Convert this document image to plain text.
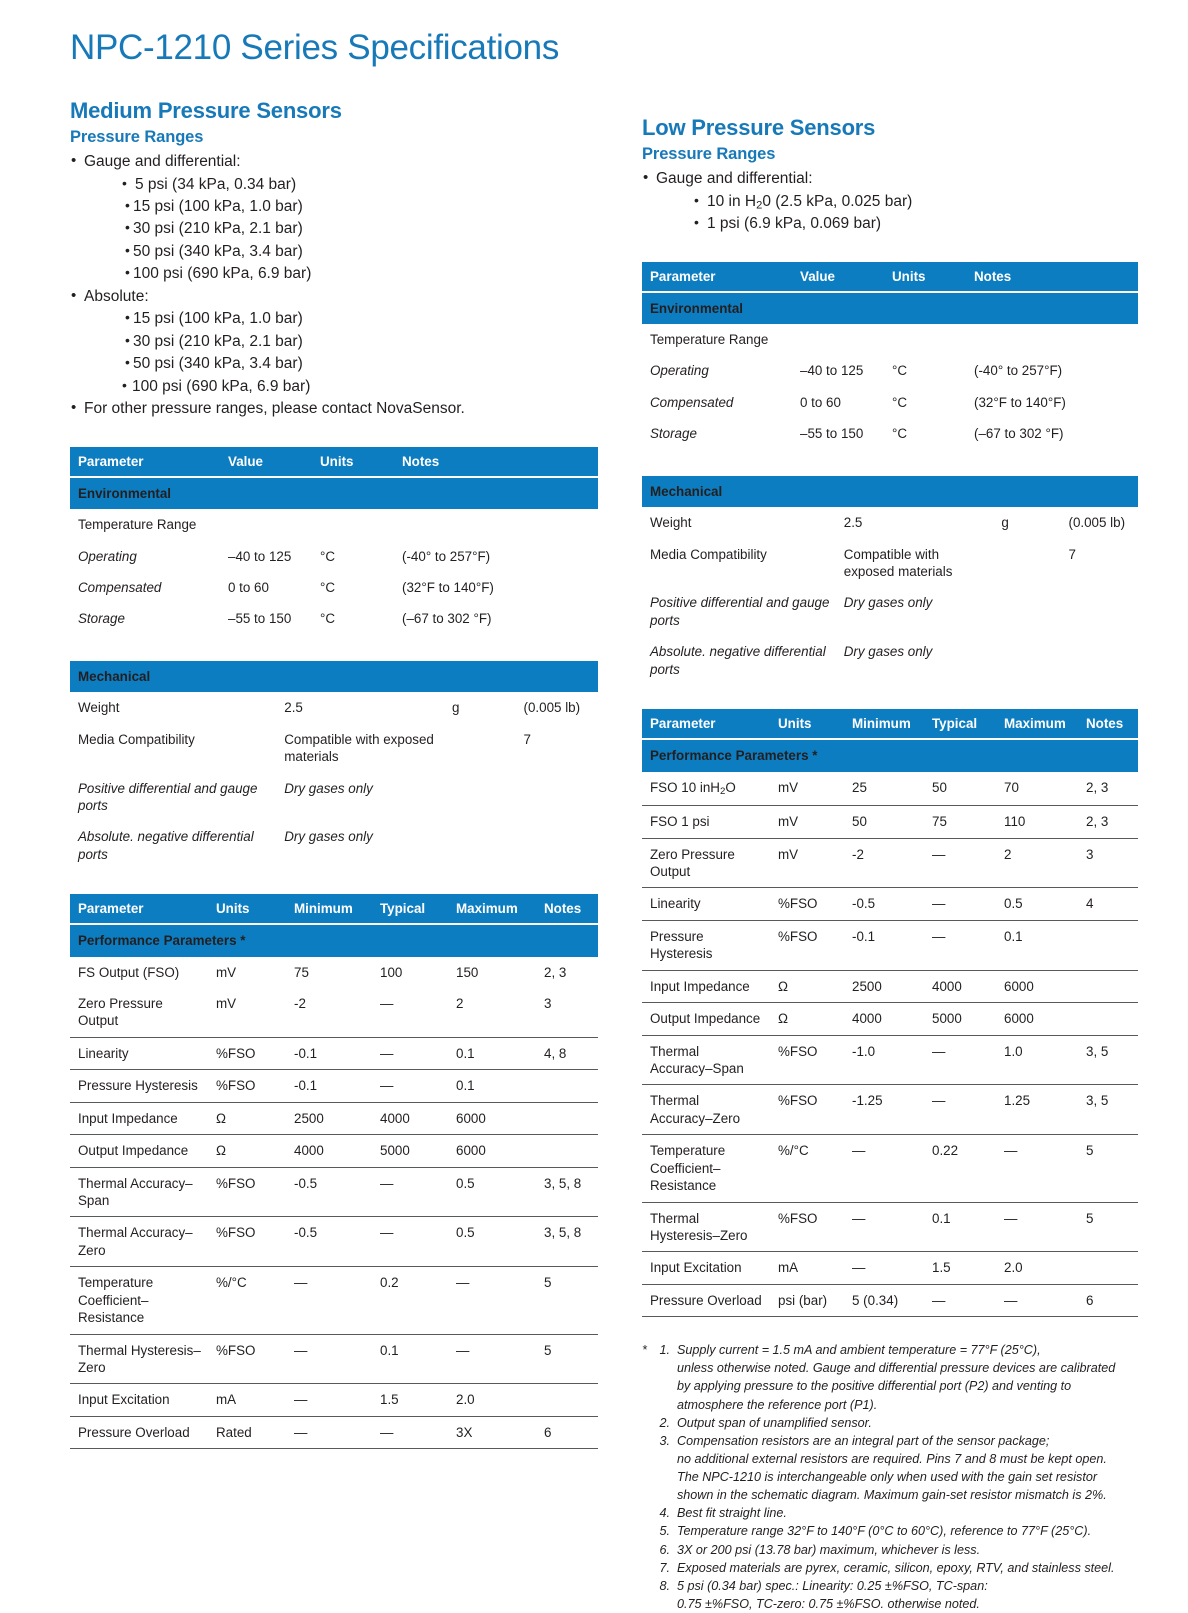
NPC-1210 Series Specifications
Medium Pressure Sensors
Pressure Ranges
• Gauge and differential:
• 5 psi (34 kPa, 0.34 bar)
• 15 psi (100 kPa, 1.0 bar)
• 30 psi (210 kPa, 2.1 bar)
• 50 psi (340 kPa, 3.4 bar)
• 100 psi (690 kPa, 6.9 bar)
• Absolute:
• 15 psi (100 kPa, 1.0 bar)
• 30 psi (210 kPa, 2.1 bar)
• 50 psi (340 kPa, 3.4 bar)
• 100 psi (690 kPa, 6.9 bar)
• For other pressure ranges, please contact NovaSensor.
Parameter	Value	Units	Notes
Environmental			
Temperature Range			
Operating	–40 to 125	°C	(-40° to 257°F)
Compensated	0 to 60	°C	(32°F to 140°F)
Storage	–55 to 150	°C	(–67 to 302 °F)
Mechanical			
Weight	2.5	g	(0.005 lb)
Media Compatibility	Compatible with exposed materials		7
Positive differential and gauge ports	Dry gases only		
Absolute. negative differential ports	Dry gases only		
Parameter	Units	Minimum	Typical	Maximum	Notes
Performance Parameters *					
FS Output (FSO)	mV	75	100	150	2, 3
Zero Pressure Output	mV	-2	—	2	3
Linearity	%FSO	-0.1	—	0.1	4, 8
Pressure Hysteresis	%FSO	-0.1	—	0.1	
Input Impedance	Ω	2500	4000	6000	
Output Impedance	Ω	4000	5000	6000	
Thermal Accuracy–Span	%FSO	-0.5	—	0.5	3, 5, 8
Thermal Accuracy–Zero	%FSO	-0.5	—	0.5	3, 5, 8
Temperature Coefficient–Resistance	%/°C	—	0.2	—	5
Thermal Hysteresis–Zero	%FSO	—	0.1	—	5
Input Excitation	mA	—	1.5	2.0	
Pressure Overload	Rated	—	—	3X	6

Low Pressure Sensors
Pressure Ranges
• Gauge and differential:
• 10 in $H_20$ (2.5 kPa, 0.025 bar)
• 1 psi (6.9 kPa, 0.069 bar)
Parameter	Value	Units	Notes
Environmental			
Temperature Range			
Operating	–40 to 125	°C	(-40° to 257°F)
Compensated	0 to 60	°C	(32°F to 140°F)
Storage	–55 to 150	°C	(–67 to 302 °F)
Mechanical			
Weight	2.5	g	(0.005 lb)
Media Compatibility	Compatible with exposed materials		7
Positive differential and gauge ports	Dry gases only		
Absolute. negative differential ports	Dry gases only		
Parameter	Units	Minimum	Typical	Maximum	Notes
Performance Parameters *					
FSO 10 inH$_2$O	mV	25	50	70	2, 3
FSO 1 psi	mV	50	75	110	2, 3
Zero Pressure Output	mV	-2	—	2	3
Linearity	%FSO	-0.5	—	0.5	4
Pressure Hysteresis	%FSO	-0.1	—	0.1	
Input Impedance	Ω	2500	4000	6000	
Output Impedance	Ω	4000	5000	6000	
Thermal Accuracy–Span	%FSO	-1.0	—	1.0	3, 5
Thermal Accuracy–Zero	%FSO	-1.25	—	1.25	3, 5
Temperature Coefficient–Resistance	%/°C	—	0.22	—	5
Thermal Hysteresis–Zero	%FSO	—	0.1	—	5
Input Excitation	mA	—	1.5	2.0	
Pressure Overload	psi (bar)	5 (0.34)	—	—	6

* 1. Supply current = 1.5 mA and ambient temperature = 77°F (25°C),
unless otherwise noted. Gauge and differential pressure devices are calibrated
by applying pressure to the positive differential port (P2) and venting to
atmosphere the reference port (P1).
2. Output span of unamplified sensor.
3. Compensation resistors are an integral part of the sensor package;
no additional external resistors are required. Pins 7 and 8 must be kept open.
The NPC-1210 is interchangeable only when used with the gain set resistor
shown in the schematic diagram. Maximum gain-set resistor mismatch is 2%.
4. Best fit straight line.
5. Temperature range 32°F to 140°F (0°C to 60°C), reference to 77°F (25°C).
6. 3X or 200 psi (13.78 bar) maximum, whichever is less.
7. Exposed materials are pyrex, ceramic, silicon, epoxy, RTV, and stainless steel.
8. 5 psi (0.34 bar) spec.: Linearity: 0.25 ±%FSO, TC-span:
0.75 ±%FSO, TC-zero: 0.75 ±%FSO. otherwise noted.
